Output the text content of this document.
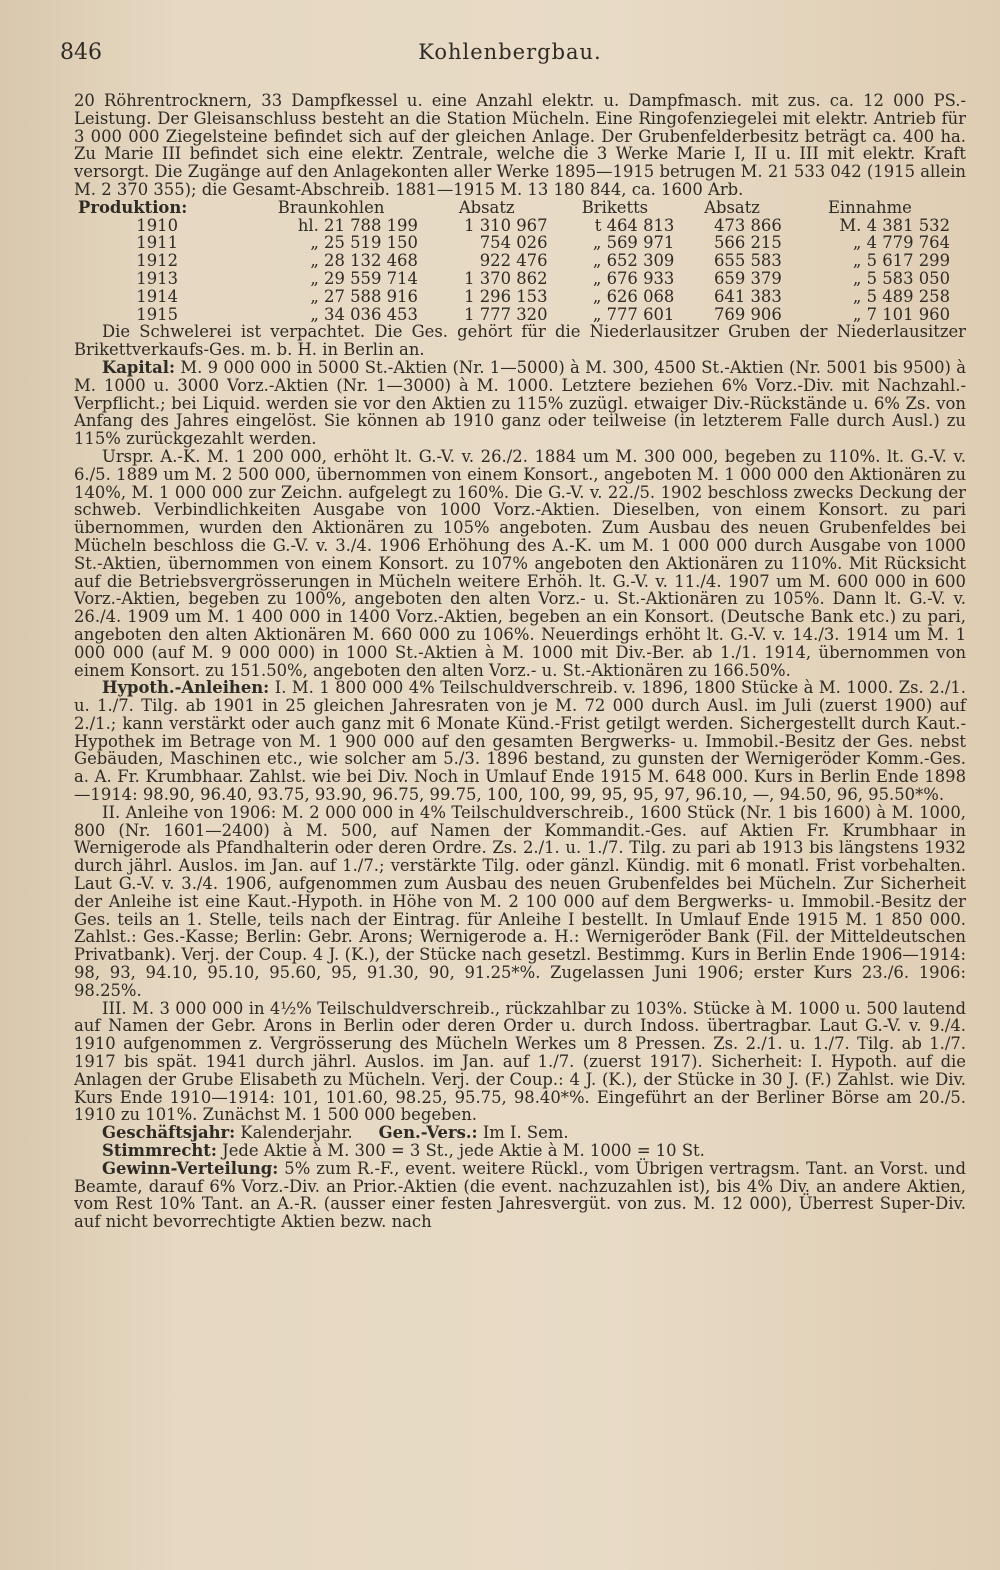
846	Kohlenbergbau.

20 Röhrentrocknern, 33 Dampfkessel u. eine Anzahl elektr. u. Dampfmasch. mit zus. ca. 12 000 PS.-Leistung. Der Gleisanschluss besteht an die Station Mücheln. Eine Ringofenziegelei mit elektr. Antrieb für 3 000 000 Ziegelsteine befindet sich auf der gleichen Anlage. Der Grubenfelderbesitz beträgt ca. 400 ha. Zu Marie III befindet sich eine elektr. Zentrale, welche die 3 Werke Marie I, II u. III mit elektr. Kraft versorgt. Die Zugänge auf den Anlagekonten aller Werke 1895—1915 betrugen M. 21 533 042 (1915 allein M. 2 370 355); die Gesamt-Abschreib. 1881—1915 M. 13 180 844, ca. 1600 Arb.

Produktion:	Braunkohlen	Absatz	Briketts	Absatz	Einnahme
1910	hl. 21 788 199	1 310 967	t 464 813	473 866	M. 4 381 532
1911	„ 25 519 150	754 026	„ 569 971	566 215	„ 4 779 764
1912	„ 28 132 468	922 476	„ 652 309	655 583	„ 5 617 299
1913	„ 29 559 714	1 370 862	„ 676 933	659 379	„ 5 583 050
1914	„ 27 588 916	1 296 153	„ 626 068	641 383	„ 5 489 258
1915	„ 34 036 453	1 777 320	„ 777 601	769 906	„ 7 101 960

Die Schwelerei ist verpachtet. Die Ges. gehört für die Niederlausitzer Gruben der Niederlausitzer Brikettverkaufs-Ges. m. b. H. in Berlin an.

Kapital: M. 9 000 000 in 5000 St.-Aktien (Nr. 1—5000) à M. 300, 4500 St.-Aktien (Nr. 5001 bis 9500) à M. 1000 u. 3000 Vorz.-Aktien (Nr. 1—3000) à M. 1000. Letztere beziehen 6% Vorz.-Div. mit Nachzahl.-Verpflicht.; bei Liquid. werden sie vor den Aktien zu 115% zuzügl. etwaiger Div.-Rückstände u. 6% Zs. von Anfang des Jahres eingelöst. Sie können ab 1910 ganz oder teilweise (in letzterem Falle durch Ausl.) zu 115% zurückgezahlt werden.

Urspr. A.-K. M. 1 200 000, erhöht lt. G.-V. v. 26./2. 1884 um M. 300 000, begeben zu 110%. lt. G.-V. v. 6./5. 1889 um M. 2 500 000, übernommen von einem Konsort., angeboten M. 1 000 000 den Aktionären zu 140%, M. 1 000 000 zur Zeichn. aufgelegt zu 160%. Die G.-V. v. 22./5. 1902 beschloss zwecks Deckung der schweb. Verbindlichkeiten Ausgabe von 1000 Vorz.-Aktien. Dieselben, von einem Konsort. zu pari übernommen, wurden den Aktionären zu 105% angeboten. Zum Ausbau des neuen Grubenfeldes bei Mücheln beschloss die G.-V. v. 3./4. 1906 Erhöhung des A.-K. um M. 1 000 000 durch Ausgabe von 1000 St.-Aktien, übernommen von einem Konsort. zu 107% angeboten den Aktionären zu 110%. Mit Rücksicht auf die Betriebsvergrösserungen in Mücheln weitere Erhöh. lt. G.-V. v. 11./4. 1907 um M. 600 000 in 600 Vorz.-Aktien, begeben zu 100%, angeboten den alten Vorz.- u. St.-Aktionären zu 105%. Dann lt. G.-V. v. 26./4. 1909 um M. 1 400 000 in 1400 Vorz.-Aktien, begeben an ein Konsort. (Deutsche Bank etc.) zu pari, angeboten den alten Aktionären M. 660 000 zu 106%. Neuerdings erhöht lt. G.-V. v. 14./3. 1914 um M. 1 000 000 (auf M. 9 000 000) in 1000 St.-Aktien à M. 1000 mit Div.-Ber. ab 1./1. 1914, übernommen von einem Konsort. zu 151.50%, angeboten den alten Vorz.- u. St.-Aktionären zu 166.50%.

Hypoth.-Anleihen: I. M. 1 800 000 4% Teilschuldverschreib. v. 1896, 1800 Stücke à M. 1000. Zs. 2./1. u. 1./7. Tilg. ab 1901 in 25 gleichen Jahresraten von je M. 72 000 durch Ausl. im Juli (zuerst 1900) auf 2./1.; kann verstärkt oder auch ganz mit 6 Monate Künd.-Frist getilgt werden. Sichergestellt durch Kaut.-Hypothek im Betrage von M. 1 900 000 auf den gesamten Bergwerks- u. Immobil.-Besitz der Ges. nebst Gebäuden, Maschinen etc., wie solcher am 5./3. 1896 bestand, zu gunsten der Wernigeröder Komm.-Ges. a. A. Fr. Krumbhaar. Zahlst. wie bei Div. Noch in Umlauf Ende 1915 M. 648 000. Kurs in Berlin Ende 1898—1914: 98.90, 96.40, 93.75, 93.90, 96.75, 99.75, 100, 100, 99, 95, 95, 97, 96.10, —, 94.50, 96, 95.50*%.

II. Anleihe von 1906: M. 2 000 000 in 4% Teilschuldverschreib., 1600 Stück (Nr. 1 bis 1600) à M. 1000, 800 (Nr. 1601—2400) à M. 500, auf Namen der Kommandit.-Ges. auf Aktien Fr. Krumbhaar in Wernigerode als Pfandhalterin oder deren Ordre. Zs. 2./1. u. 1./7. Tilg. zu pari ab 1913 bis längstens 1932 durch jährl. Auslos. im Jan. auf 1./7.; verstärkte Tilg. oder gänzl. Kündig. mit 6 monatl. Frist vorbehalten. Laut G.-V. v. 3./4. 1906, aufgenommen zum Ausbau des neuen Grubenfeldes bei Mücheln. Zur Sicherheit der Anleihe ist eine Kaut.-Hypoth. in Höhe von M. 2 100 000 auf dem Bergwerks- u. Immobil.-Besitz der Ges. teils an 1. Stelle, teils nach der Eintrag. für Anleihe I bestellt. In Umlauf Ende 1915 M. 1 850 000. Zahlst.: Ges.-Kasse; Berlin: Gebr. Arons; Wernigerode a. H.: Wernigeröder Bank (Fil. der Mitteldeutschen Privatbank). Verj. der Coup. 4 J. (K.), der Stücke nach gesetzl. Bestimmg. Kurs in Berlin Ende 1906—1914: 98, 93, 94.10, 95.10, 95.60, 95, 91.30, 90, 91.25*%. Zugelassen Juni 1906; erster Kurs 23./6. 1906: 98.25%.

III. M. 3 000 000 in 4½% Teilschuldverschreib., rückzahlbar zu 103%. Stücke à M. 1000 u. 500 lautend auf Namen der Gebr. Arons in Berlin oder deren Order u. durch Indoss. übertragbar. Laut G.-V. v. 9./4. 1910 aufgenommen z. Vergrösserung des Mücheln Werkes um 8 Pressen. Zs. 2./1. u. 1./7. Tilg. ab 1./7. 1917 bis spät. 1941 durch jährl. Auslos. im Jan. auf 1./7. (zuerst 1917). Sicherheit: I. Hypoth. auf die Anlagen der Grube Elisabeth zu Mücheln. Verj. der Coup.: 4 J. (K.), der Stücke in 30 J. (F.) Zahlst. wie Div. Kurs Ende 1910—1914: 101, 101.60, 98.25, 95.75, 98.40*%. Eingeführt an der Berliner Börse am 20./5. 1910 zu 101%. Zunächst M. 1 500 000 begeben.

Geschäftsjahr: Kalenderjahr. Gen.-Vers.: Im I. Sem.

Stimmrecht: Jede Aktie à M. 300 = 3 St., jede Aktie à M. 1000 = 10 St.

Gewinn-Verteilung: 5% zum R.-F., event. weitere Rückl., vom Übrigen vertragsm. Tant. an Vorst. und Beamte, darauf 6% Vorz.-Div. an Prior.-Aktien (die event. nachzuzahlen ist), bis 4% Div. an andere Aktien, vom Rest 10% Tant. an A.-R. (ausser einer festen Jahresvergüt. von zus. M. 12 000), Überrest Super-Div. auf nicht bevorrechtigte Aktien bezw. nach
